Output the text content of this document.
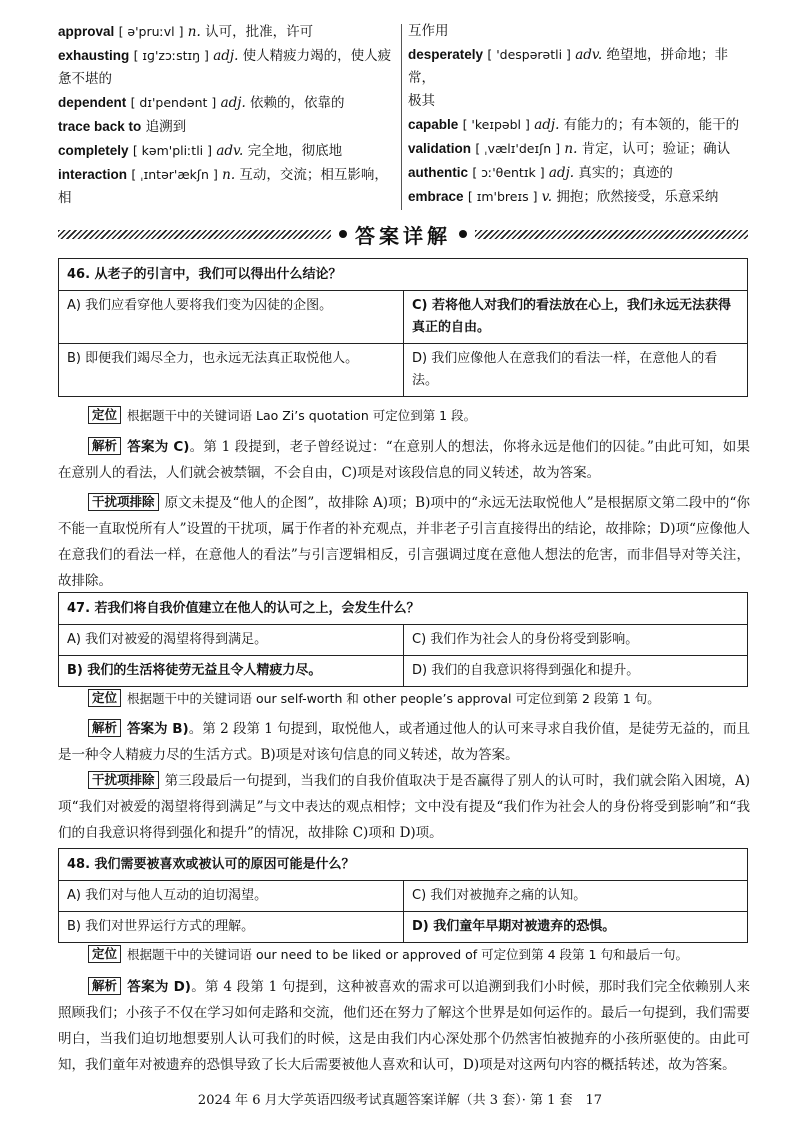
approval [ ə'pruːvl ] n. 认可，批准，许可
exhausting [ ɪɡ'zɔːstɪŋ ] adj. 使人精疲力竭的，使人疲
惫不堪的
dependent [ dɪ'pendənt ] adj. 依赖的，依靠的
trace back to 追溯到
completely [ kəm'pliːtli ] adv. 完全地，彻底地
interaction [ ˌɪntər'ækʃn ] n. 互动，交流；相互影响，相
互作用
desperately [ 'despərətli ] adv. 绝望地，拼命地；非常，
极其
capable [ 'keɪpəbl ] adj. 有能力的；有本领的，能干的
validation [ ˌvælɪ'deɪʃn ] n. 肯定，认可；验证；确认
authentic [ ɔː'θentɪk ] adj. 真实的；真迹的
embrace [ ɪm'breɪs ] v. 拥抱；欣然接受，乐意采纳
答案详解
46. 从老子的引言中，我们可以得出什么结论？
A) 我们应看穿他人要将我们变为囚徒的企图。	C) 若将他人对我们的看法放在心上，我们永远无法获得真正的自由。
B) 即便我们竭尽全力，也永远无法真正取悦他人。	D) 我们应像他人在意我们的看法一样，在意他人的看法。
定位 根据题干中的关键词语 Lao Zi’s quotation 可定位到第 1 段。
解析 答案为 C)。第 1 段提到，老子曾经说过：“在意别人的想法，你将永远是他们的囚徒。”由此可知，如果在意别人的看法，人们就会被禁锢，不会自由，C)项是对该段信息的同义转述，故为答案。
干扰项排除 原文未提及“他人的企图”，故排除 A)项；B)项中的“永远无法取悦他人”是根据原文第二段中的“你不能一直取悦所有人”设置的干扰项，属于作者的补充观点，并非老子引言直接得出的结论，故排除；D)项“应像他人在意我们的看法一样，在意他人的看法”与引言逻辑相反，引言强调过度在意他人想法的危害，而非倡导对等关注，故排除。
47. 若我们将自我价值建立在他人的认可之上，会发生什么？
A) 我们对被爱的渴望将得到满足。	C) 我们作为社会人的身份将受到影响。
B) 我们的生活将徒劳无益且令人精疲力尽。	D) 我们的自我意识将得到强化和提升。
定位 根据题干中的关键词语 our self-worth 和 other people’s approval 可定位到第 2 段第 1 句。
解析 答案为 B)。第 2 段第 1 句提到，取悦他人，或者通过他人的认可来寻求自我价值，是徒劳无益的，而且是一种令人精疲力尽的生活方式。B)项是对该句信息的同义转述，故为答案。
干扰项排除 第三段最后一句提到，当我们的自我价值取决于是否赢得了别人的认可时，我们就会陷入困境，A)项“我们对被爱的渴望将得到满足”与文中表达的观点相悖；文中没有提及“我们作为社会人的身份将受到影响”和“我们的自我意识将得到强化和提升”的情况，故排除 C)项和 D)项。
48. 我们需要被喜欢或被认可的原因可能是什么？
A) 我们对与他人互动的迫切渴望。	C) 我们对被抛弃之痛的认知。
B) 我们对世界运行方式的理解。	D) 我们童年早期对被遗弃的恐惧。
定位 根据题干中的关键词语 our need to be liked or approved of 可定位到第 4 段第 1 句和最后一句。
解析 答案为 D)。第 4 段第 1 句提到，这种被喜欢的需求可以追溯到我们小时候，那时我们完全依赖别人来照顾我们；小孩子不仅在学习如何走路和交流，他们还在努力了解这个世界是如何运作的。最后一句提到，我们需要明白，当我们迫切地想要别人认可我们的时候，这是由我们内心深处那个仍然害怕被抛弃的小孩所驱使的。由此可知，我们童年对被遗弃的恐惧导致了长大后需要被他人喜欢和认可，D)项是对这两句内容的概括转述，故为答案。
2024 年 6 月大学英语四级考试真题答案详解（共 3 套）· 第 1 套　17
